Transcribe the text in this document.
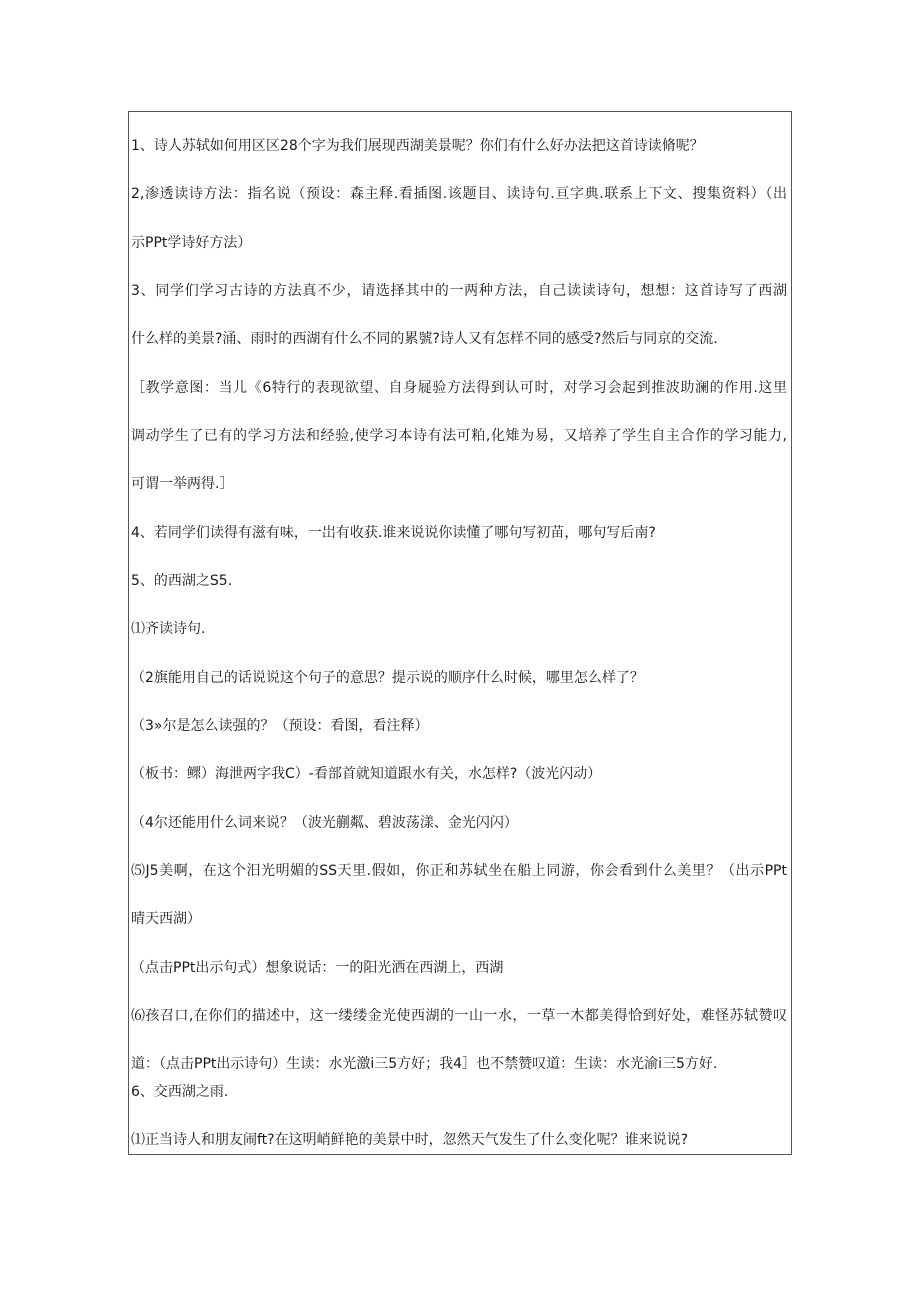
1、诗人苏轼如何用区区28个字为我们展现西湖美景呢？你们有什么好办法把这首诗读脩呢？
2,渗透读诗方法：指名说（预设：森主释.看插图.该题目、读诗句.亘字典.联系上下文、搜集资料）（出
示PPt学诗好方法）
3、同学们学习古诗的方法真不少，请选择其中的一两种方法，自己读读诗句，想想：这首诗写了西湖
什么样的美景?涌、雨时的西湖有什么不同的累號?诗人又有怎样不同的感受?然后与同京的交流.
［教学意图：当儿《6特行的表现欲望、自身屣验方法得到认可时，对学习会起到推波助澜的作用.这里
调动学生了已有的学习方法和经验,使学习本诗有法可粕,化雉为易，又培养了学生自主合作的学习能力,
可谓一举两得.］
4、若同学们读得有滋有味，一岀有收获.谁来说说你读懂了哪句写初苗，哪句写后南?
5、的西湖之S5.
⑴齐读诗句.
（2旗能用自己的话说说这个句子的意思？提示说的顺序什么时候，哪里怎么样了？
（3»尔是怎么读强的？（预设：看图，看注释）
（板书：鳏）海泄两字我C）-看部首就知道跟水有关，水怎样?（波光闪动）
（4尔还能用什么词来说？（波光蒯粼、碧波荡漾、金光闪闪）
⑸J5美啊，在这个汨光明媚的SS天里.假如，你正和苏轼坐在船上同游，你会看到什么美里？（出示PPt
晴天西湖）
（点击PPt出示句式）想象说话：一的阳光洒在西湖上，西湖
⑹孩召口,在你们的描述中，这一缕缕金光使西湖的一山一水，一草一木都美得恰到好处，难怪苏轼赞叹
道：（点击PPt出示诗句）生读：水光激i三5方好；我4］也不禁赞叹道：生读：水光渝i三5方好.
6、交西湖之雨.
⑴正当诗人和朋友闹ft?在这明峭鲜艳的美景中时，忽然天气发生了什么变化呢？谁来说说?
